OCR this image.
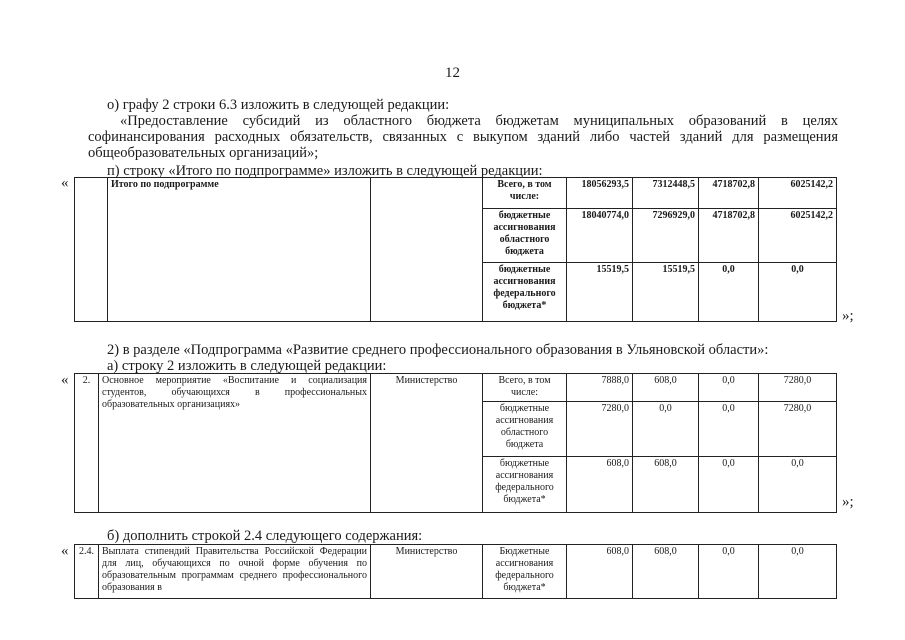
12
о) графу 2 строки 6.3 изложить в следующей редакции:
«Предоставление субсидий из областного бюджета бюджетам муниципальных образований в целях
софинансирования расходных обязательств, связанных с выкупом зданий либо частей зданий для размещения
общеобразовательных организаций»;
п) строку «Итого по подпрограмме» изложить в следующей редакции:
«
		Итого по подпрограмме		Всего, в том числе:	18056293,5	7312448,5	4718702,8	6025142,2
			бюджетные ассигнования областного бюджета	18040774,0	7296929,0	4718702,8	6025142,2
			бюджетные ассигнования федерального бюджета*	15519,5	15519,5	0,0	0,0
»;
2) в разделе «Подпрограмма «Развитие среднего профессионального образования в Ульяновской области»:
а) строку 2 изложить в следующей редакции:
« 2.	Основное мероприятие «Воспитание и социализация студентов, обучающихся в профессиональных образовательных организациях»	Министерство	Всего, в том числе:	7888,0	608,0	0,0	7280,0
			бюджетные ассигнования областного бюджета	7280,0	0,0	0,0	7280,0
			бюджетные ассигнования федерального бюджета*	608,0	608,0	0,0	0,0
»;
б) дополнить строкой 2.4 следующего содержания:
« 2.4.	Выплата стипендий Правительства Российской Федерации для лиц, обучающихся по очной форме обучения по образовательным программам среднего профессионального образования в	Министерство	Бюджетные ассигнования федерального бюджета*	608,0	608,0	0,0	0,0
